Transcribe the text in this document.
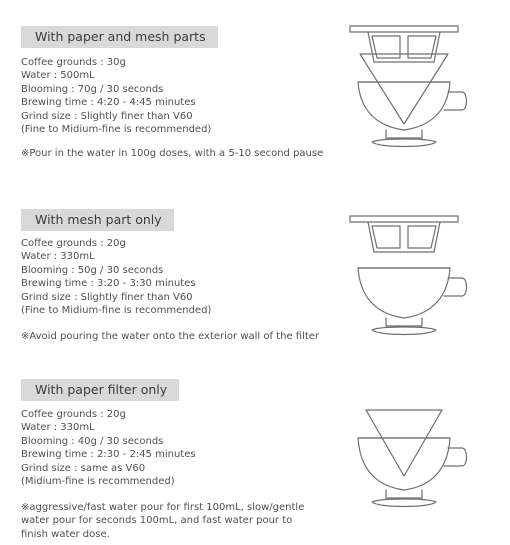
With paper and mesh parts
Coffee grounds : 30g
Water : 500mL
Blooming : 70g / 30 seconds
Brewing time : 4:20 - 4:45 minutes
Grind size : Slightly finer than V60
(Fine to Midium-fine is recommended)
※Pour in the water in 100g doses, with a 5-10 second pause
With mesh part only
Coffee grounds : 20g
Water : 330mL
Blooming : 50g / 30 seconds
Brewing time : 3:20 - 3:30 minutes
Grind size : Slightly finer than V60
(Fine to Midium-fine is recommended)
※Avoid pouring the water onto the exterior wall of the filter
With paper filter only
Coffee grounds : 20g
Water : 330mL
Blooming : 40g / 30 seconds
Brewing time : 2:30 - 2:45 minutes
Grind size : same as V60
(Midium-fine is recommended)
※aggressive/fast water pour for first 100mL, slow/gentle water pour for seconds 100mL, and fast water pour to finish water dose.
